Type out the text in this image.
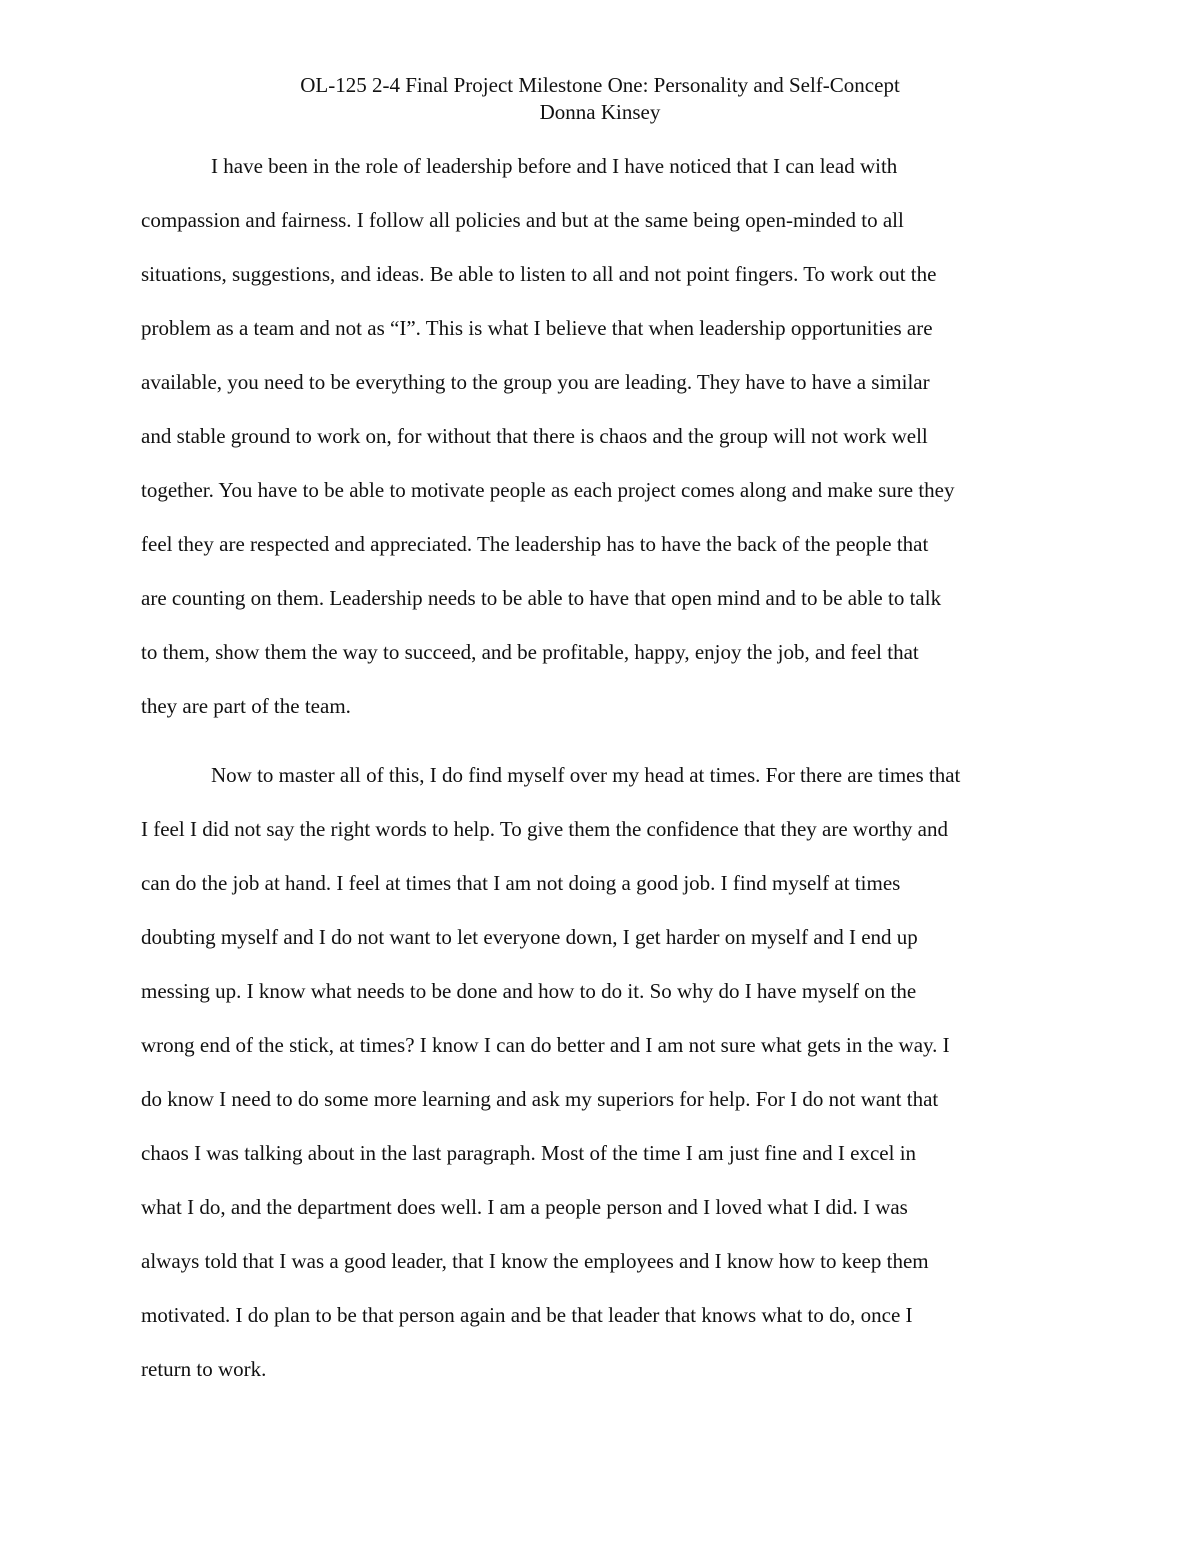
OL-125 2-4 Final Project Milestone One: Personality and Self-Concept
Donna Kinsey
I have been in the role of leadership before and I have noticed that I can lead with
compassion and fairness. I follow all policies and but at the same being open-minded to all
situations, suggestions, and ideas. Be able to listen to all and not point fingers. To work out the
problem as a team and not as “I”. This is what I believe that when leadership opportunities are
available, you need to be everything to the group you are leading. They have to have a similar
and stable ground to work on, for without that there is chaos and the group will not work well
together. You have to be able to motivate people as each project comes along and make sure they
feel they are respected and appreciated. The leadership has to have the back of the people that
are counting on them. Leadership needs to be able to have that open mind and to be able to talk
to them, show them the way to succeed, and be profitable, happy, enjoy the job, and feel that
they are part of the team.
Now to master all of this, I do find myself over my head at times. For there are times that
I feel I did not say the right words to help. To give them the confidence that they are worthy and
can do the job at hand. I feel at times that I am not doing a good job. I find myself at times
doubting myself and I do not want to let everyone down, I get harder on myself and I end up
messing up. I know what needs to be done and how to do it. So why do I have myself on the
wrong end of the stick, at times? I know I can do better and I am not sure what gets in the way. I
do know I need to do some more learning and ask my superiors for help. For I do not want that
chaos I was talking about in the last paragraph. Most of the time I am just fine and I excel in
what I do, and the department does well. I am a people person and I loved what I did. I was
always told that I was a good leader, that I know the employees and I know how to keep them
motivated. I do plan to be that person again and be that leader that knows what to do, once I
return to work.
